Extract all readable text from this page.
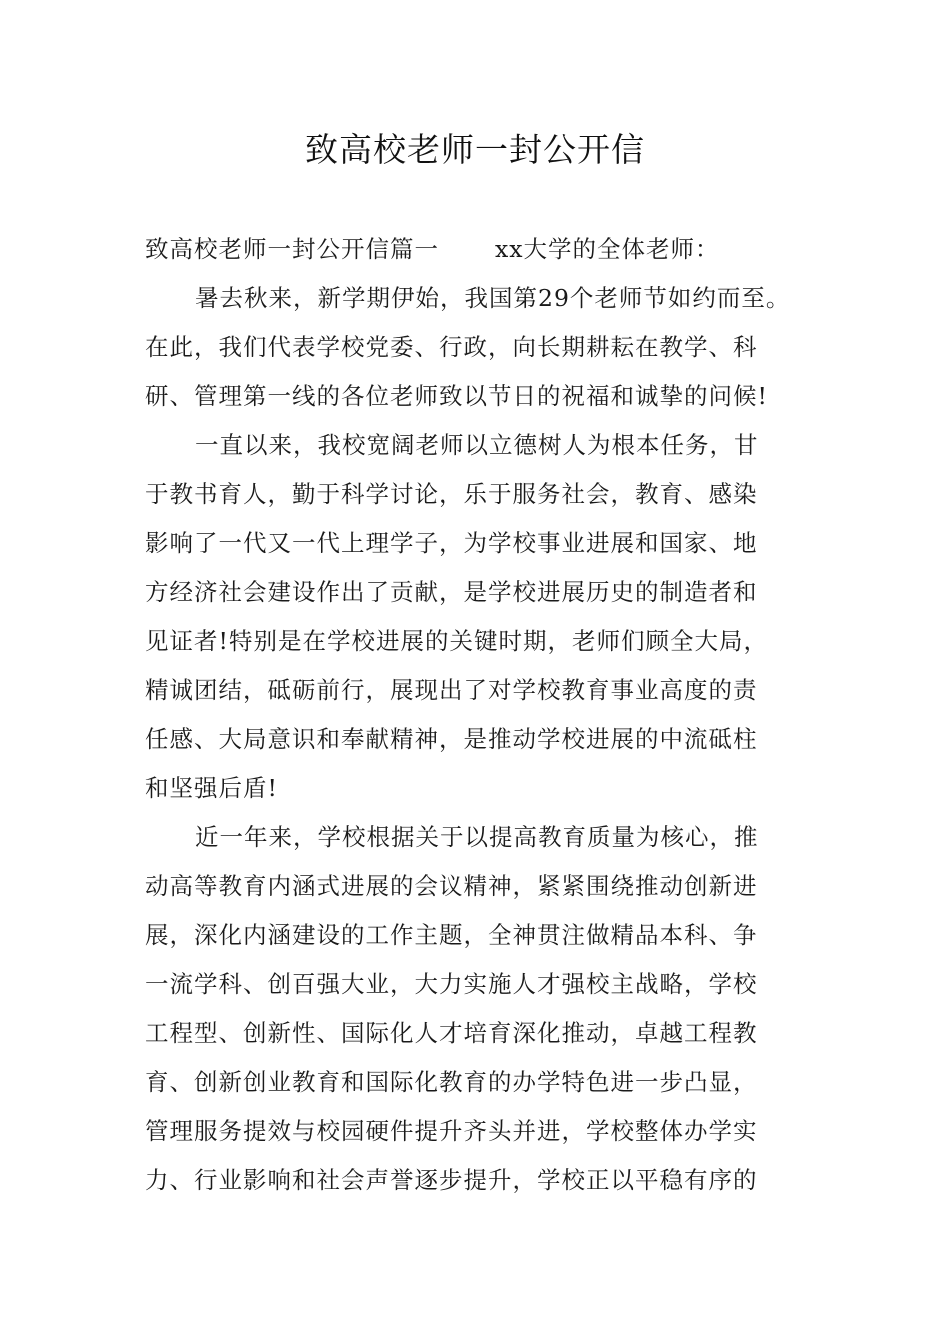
致高校老师一封公开信
致高校老师一封公开信篇一 xx大学的全体老师：
暑去秋来，新学期伊始，我国第29个老师节如约而至。
在此，我们代表学校党委、行政，向长期耕耘在教学、科
研、管理第一线的各位老师致以节日的祝福和诚挚的问候!
一直以来，我校宽阔老师以立德树人为根本任务，甘
于教书育人，勤于科学讨论，乐于服务社会，教育、感染
影响了一代又一代上理学子，为学校事业进展和国家、地
方经济社会建设作出了贡献，是学校进展历史的制造者和
见证者!特别是在学校进展的关键时期，老师们顾全大局，
精诚团结，砥砺前行，展现出了对学校教育事业高度的责
任感、大局意识和奉献精神，是推动学校进展的中流砥柱
和坚强后盾!
近一年来，学校根据关于以提高教育质量为核心，推
动高等教育内涵式进展的会议精神，紧紧围绕推动创新进
展，深化内涵建设的工作主题，全神贯注做精品本科、争
一流学科、创百强大业，大力实施人才强校主战略，学校
工程型、创新性、国际化人才培育深化推动，卓越工程教
育、创新创业教育和国际化教育的办学特色进一步凸显，
管理服务提效与校园硬件提升齐头并进，学校整体办学实
力、行业影响和社会声誉逐步提升，学校正以平稳有序的
